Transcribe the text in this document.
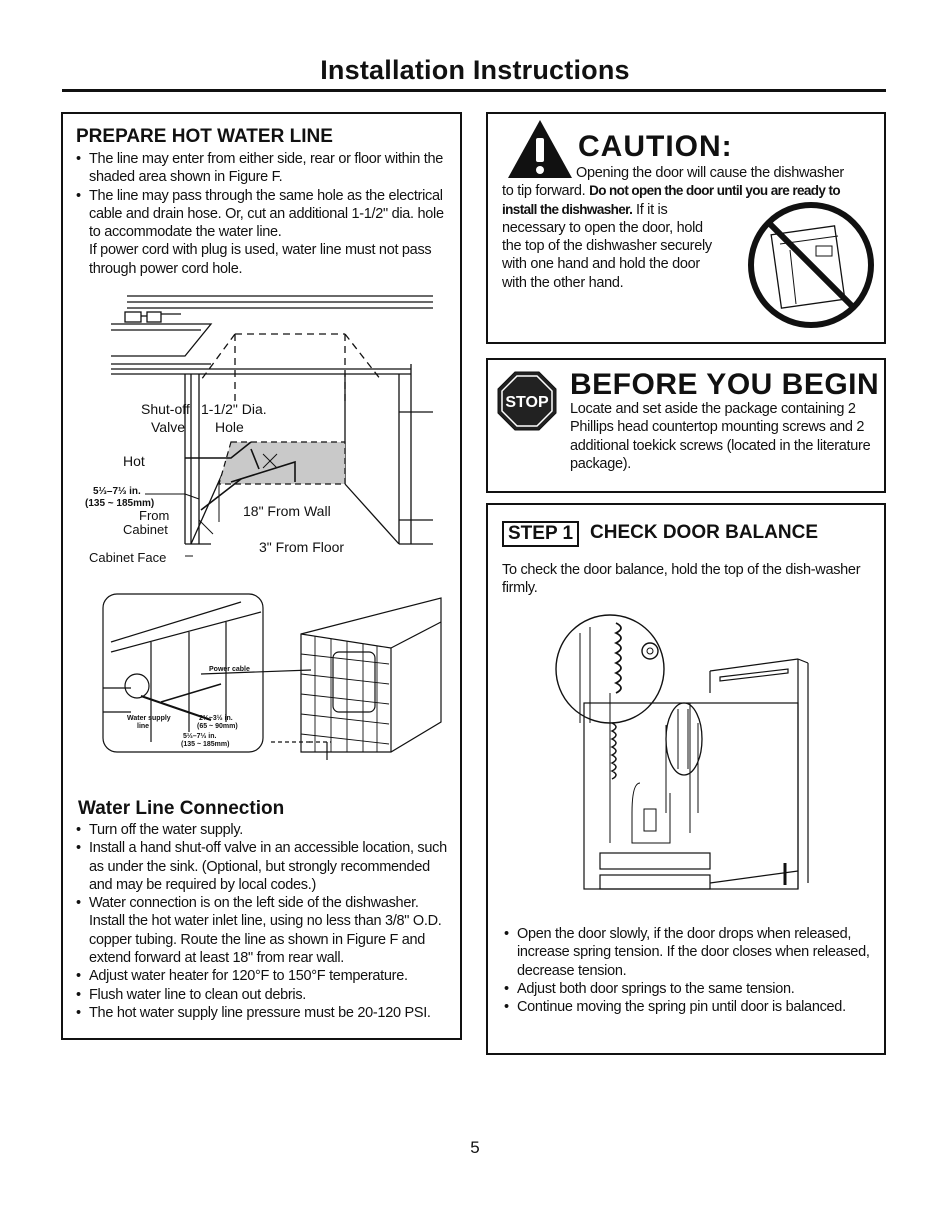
Installation Instructions
PREPARE HOT WATER LINE
• The line may enter from either side, rear or floor within the shaded area shown in Figure F.
• The line may pass through the same hole as the electrical cable and drain hose. Or, cut an additional 1-1/2" dia. hole to accommodate the water line.

If power cord with plug is used, water line must not pass through power cord hole.

Shut-off
Valve
1-1/2" Dia.
Hole
Hot
5⅓–7⅓ in.
(135 ~ 185mm)
From
Cabinet
18" From Wall
3" From Floor
Cabinet Face
Power cable
Water supply
line
2⅔~3½ in.
(65 ~ 90mm)
5⅓–7⅓ in.
(135 ~ 185mm)
Water Line Connection
• Turn off the water supply.
• Install a hand shut-off valve in an accessible location, such as under the sink. (Optional, but strongly recommended and may be required by local codes.)
• Water connection is on the left side of the dishwasher. Install the hot water inlet line, using no less than 3/8" O.D. copper tubing. Route the line as shown in Figure F and extend forward at least 18" from rear wall.
• Adjust water heater for 120°F to 150°F temperature.
• Flush water line to clean out debris.
• The hot water supply line pressure must be 20-120 PSI.
CAUTION:

Opening the door will cause the dishwasher

to tip forward. Do not open the door until you are ready to install the dishwasher. If it is

necessary to open the door, hold

the top of the dishwasher securely

with one hand and hold the door

with the other hand.

STOP
BEFORE YOU BEGIN
Locate and set aside the package containing 2 Phillips head countertop mounting screws and 2 additional toekick screws (located in the literature package).
STEP 1 CHECK DOOR BALANCE
To check the door balance, hold the top of the dish-washer firmly.
• Open the door slowly, if the door drops when released, increase spring tension. If the door closes when released, decrease tension.
• Adjust both door springs to the same tension.
• Continue moving the spring pin until door is balanced.
5
